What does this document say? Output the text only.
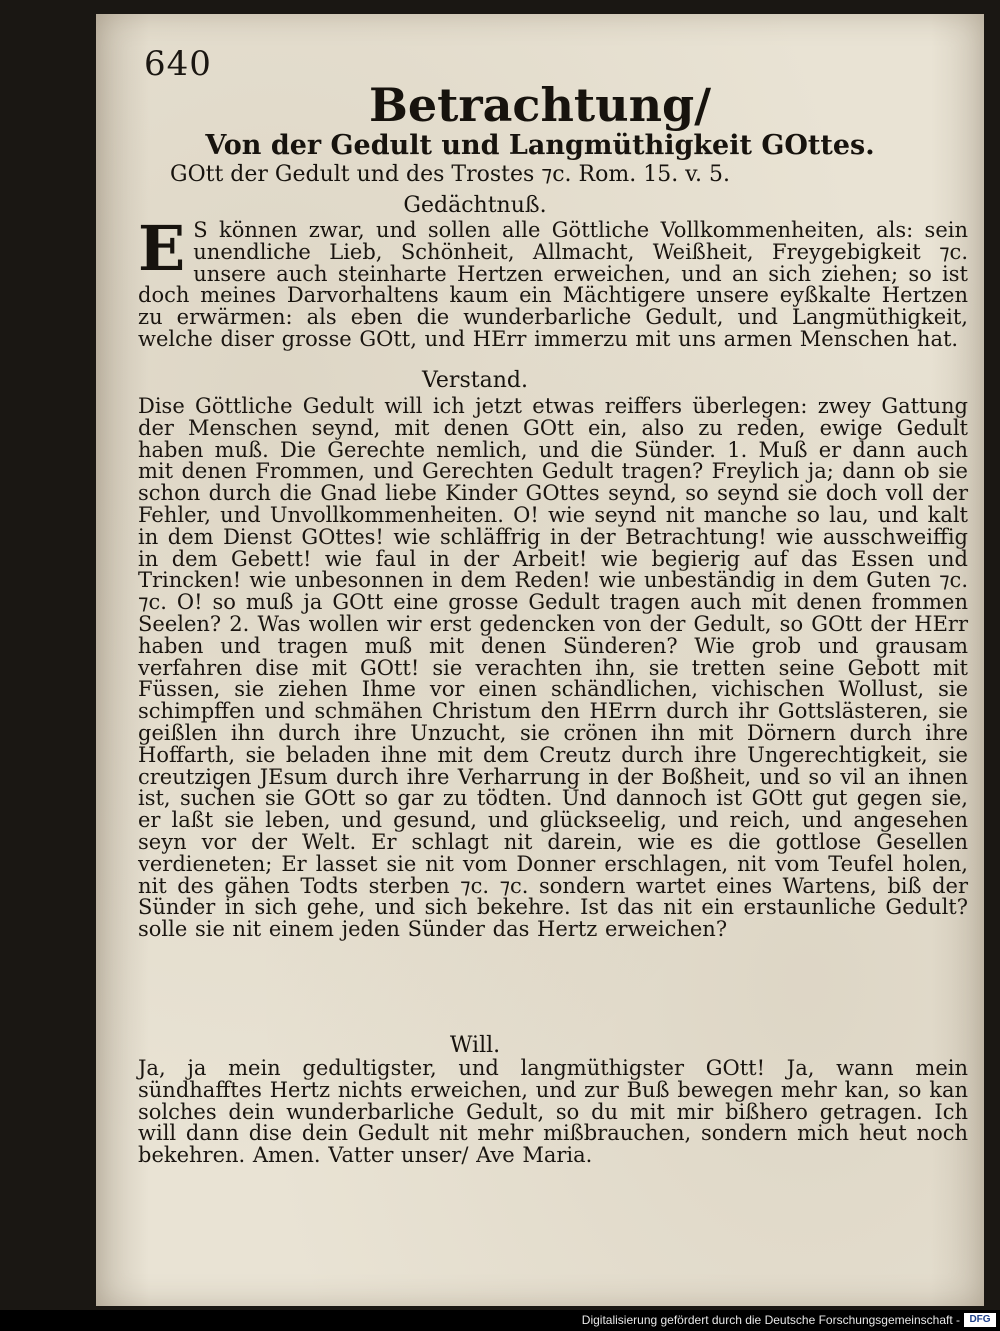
640
Betrachtung/
Von der Gedult und Langmüthigkeit GOttes.
GOtt der Gedult und des Trostes ⁊c. Rom. 15. v. 5.
Gedächtnuß.

E S können zwar, und sollen alle Göttliche Vollkommenheiten, als: sein unendliche Lieb, Schönheit, Allmacht, Weißheit, Freygebigkeit ⁊c. unsere auch steinharte Hertzen erweichen, und an sich ziehen; so ist doch meines Darvorhaltens kaum ein Mächtigere unsere eyßkalte Hertzen zu erwärmen: als eben die wunderbarliche Gedult, und Langmüthigkeit, welche diser grosse GOtt, und HErr immerzu mit uns armen Menschen hat.

Verstand.

Dise Göttliche Gedult will ich jetzt etwas reiffers überlegen: zwey Gattung der Menschen seynd, mit denen GOtt ein, also zu reden, ewige Gedult haben muß. Die Gerechte nemlich, und die Sünder. 1. Muß er dann auch mit denen Frommen, und Gerechten Gedult tragen? Freylich ja; dann ob sie schon durch die Gnad liebe Kinder GOttes seynd, so seynd sie doch voll der Fehler, und Unvollkommenheiten. O! wie seynd nit manche so lau, und kalt in dem Dienst GOttes! wie schläffrig in der Betrachtung! wie ausschweiffig in dem Gebett! wie faul in der Arbeit! wie begierig auf das Essen und Trincken! wie unbesonnen in dem Reden! wie unbeständig in dem Guten ⁊c. ⁊c. O! so muß ja GOtt eine grosse Gedult tragen auch mit denen frommen Seelen? 2. Was wollen wir erst gedencken von der Gedult, so GOtt der HErr haben und tragen muß mit denen Sünderen? Wie grob und grausam verfahren dise mit GOtt! sie verachten ihn, sie tretten seine Gebott mit Füssen, sie ziehen Ihme vor einen schändlichen, vichischen Wollust, sie schimpffen und schmähen Christum den HErrn durch ihr Gottslästeren, sie geißlen ihn durch ihre Unzucht, sie crönen ihn mit Dörnern durch ihre Hoffarth, sie beladen ihne mit dem Creutz durch ihre Ungerechtigkeit, sie creutzigen JEsum durch ihre Verharrung in der Boßheit, und so vil an ihnen ist, suchen sie GOtt so gar zu tödten. Und dannoch ist GOtt gut gegen sie, er laßt sie leben, und gesund, und glückseelig, und reich, und angesehen seyn vor der Welt. Er schlagt nit darein, wie es die gottlose Gesellen verdieneten; Er lasset sie nit vom Donner erschlagen, nit vom Teufel holen, nit des gähen Todts sterben ⁊c. ⁊c. sondern wartet eines Wartens, biß der Sünder in sich gehe, und sich bekehre. Ist das nit ein erstaunliche Gedult? solle sie nit einem jeden Sünder das Hertz erweichen?

Will.

Ja, ja mein gedultigster, und langmüthigster GOtt! Ja, wann mein sündhafftes Hertz nichts erweichen, und zur Buß bewegen mehr kan, so kan solches dein wunderbarliche Gedult, so du mit mir bißhero getragen. Ich will dann dise dein Gedult nit mehr mißbrauchen, sondern mich heut noch bekehren. Amen. Vatter unser/ Ave Maria.

Digitalisierung gefördert durch die Deutsche Forschungsgemeinschaft - DFG
